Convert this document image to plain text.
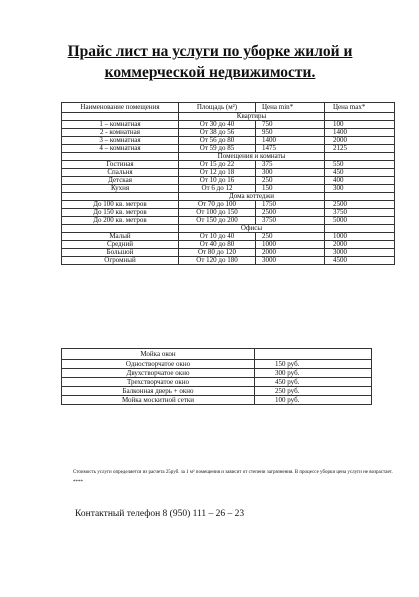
Прайс лист на услуги по уборке жилой и
коммерческой недвижимости.
Наименование помещения	Площадь (м²)	Цена min*	Цена max*
	Квартиры		
1 – комнатная	От 30 до 40	750	100
2 - комнатная	От 38 до 56	950	1400
3 – комнатная	От 56 до 80	1400	2000
4 – комнатная	От 59 до 85	1475	2125
	Помещения и комнаты		
Гостиная	От 15 до 22	375	550
Спальня	От 12 до 18	300	450
Детская	От 10 до 16	250	400
Кухня	От 6 до 12	150	300
	Дома коттеджи		
До 100 кв. метров	От 70 до 100	1750	2500
До 150 кв. метров	От 100 до 150	2500	3750
До 200 кв. метров	От 150 до 200	3750	5000
	Офисы		
Малый	От 10 до 40	250	1000
Средний	От 40 до 80	1000	2000
Большой	От 80 до 120	2000	3000
Огромный	От 120 до 180	3000	4500
Мойка окон	
Одностворчатое окно	150 руб.
Двухстворчатое окно	300 руб.
Трехстворчатое окно	450 руб.
Балконная дверь + окно	250 руб.
Мойка москитной сетки	100 руб.
Стоимость услуги определяется из расчета 25руб. за 1 м² помещения и зависит от степени загрязнения. В процессе уборки цена услуги не возрастает. ****
Контактный телефон 8 (950) 111 – 26 – 23
